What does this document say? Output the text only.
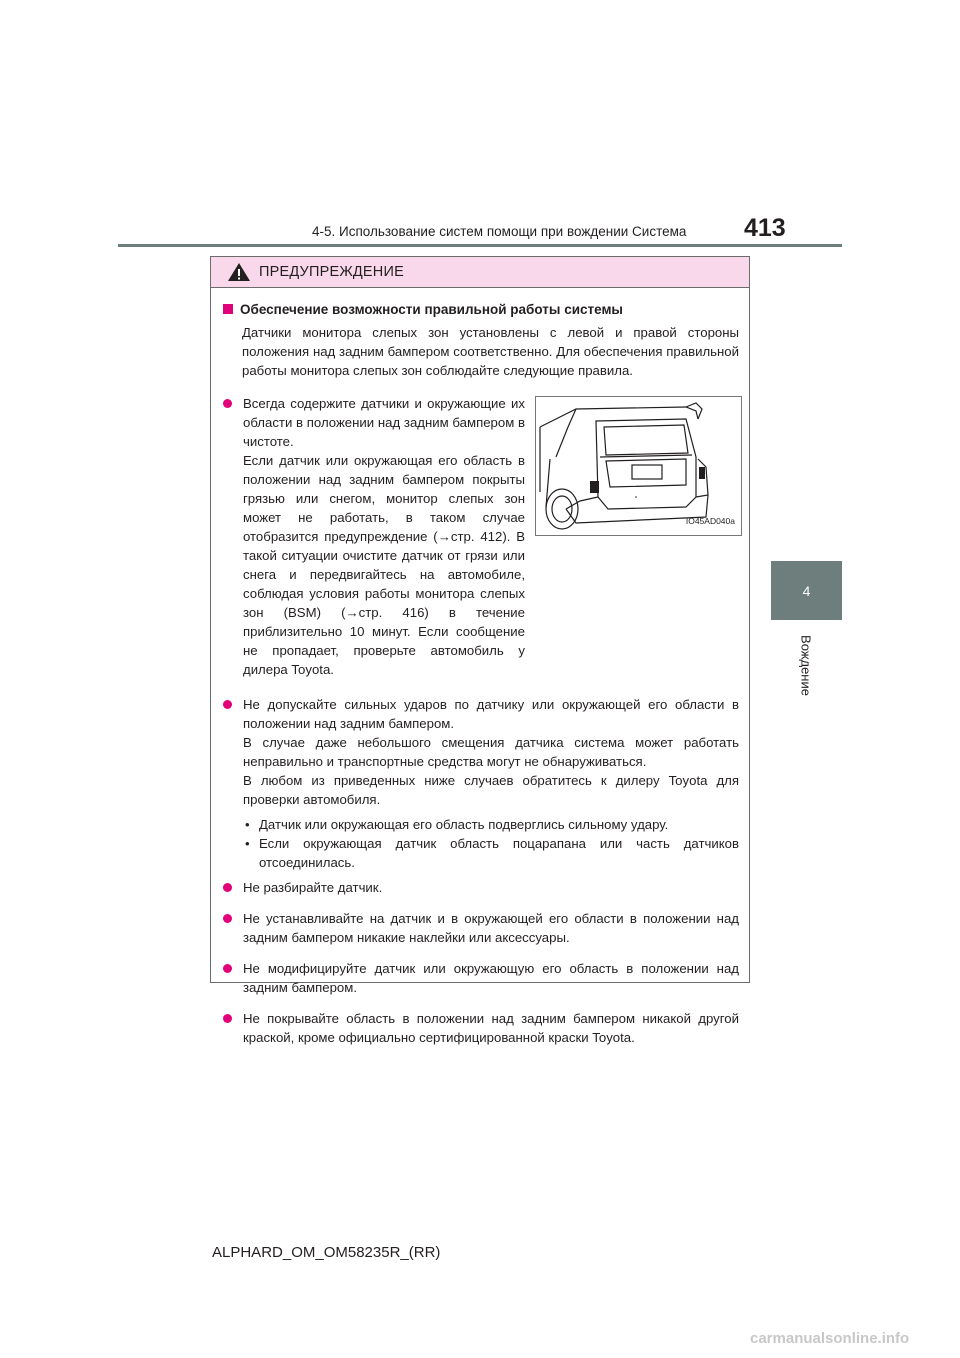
4-5. Использование систем помощи при вождении Система 413
4
Вождение
ПРЕДУПРЕЖДЕНИЕ
Обеспечение возможности правильной работы системы
Датчики монитора слепых зон установлены с левой и правой стороны положения над задним бампером соответственно. Для обеспечения правильной работы монитора слепых зон соблюдайте следующие правила.

Всегда содержите датчики и окружающие их области в положении над задним бампером в чистоте.

Если датчик или окружающая его область в положении над задним бампером покрыты грязью или снегом, монитор слепых зон может не работать, в таком случае отобразится предупреждение (→стр. 412). В такой ситуации очистите датчик от грязи или снега и передвигайтесь на автомобиле, соблюдая условия работы монитора слепых зон (BSM) (→стр. 416) в течение приблизительно 10 минут. Если сообщение не пропадает, проверьте автомобиль у дилера Toyota.

IO45AD040a

Не допускайте сильных ударов по датчику или окружающей его области в положении над задним бампером.

В случае даже небольшого смещения датчика система может работать неправильно и транспортные средства могут не обнаруживаться.

В любом из приведенных ниже случаев обратитесь к дилеру Toyota для проверки автомобиля.

• Датчик или окружающая его область подверглись сильному удару.
• Если окружающая датчик область поцарапана или часть датчиков отсоединилась.
Не разбирайте датчик.
Не устанавливайте на датчик и в окружающей его области в положении над задним бампером никакие наклейки или аксессуары.
Не модифицируйте датчик или окружающую его область в положении над задним бампером.
Не покрывайте область в положении над задним бампером никакой другой краской, кроме официально сертифицированной краски Toyota.
ALPHARD_OM_OM58235R_(RR)
carmanualsonline.info
